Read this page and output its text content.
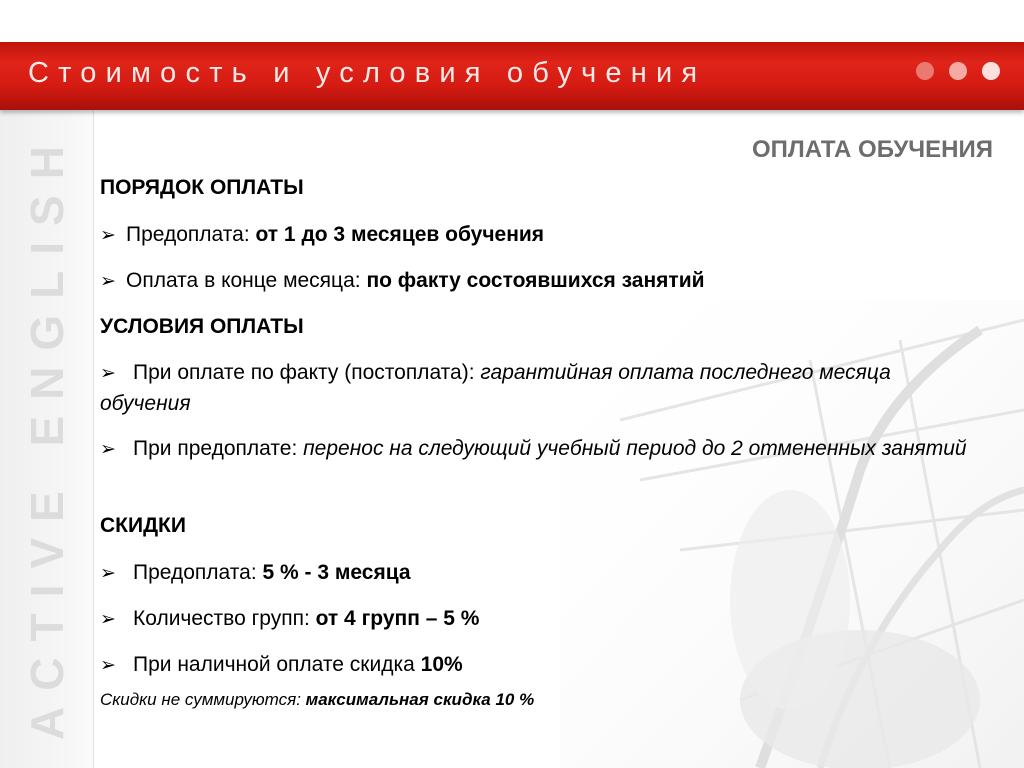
ACTIVE ENGLISH
Стоимость и условия обучения
ОПЛАТА ОБУЧЕНИЯ
ПОРЯДОК ОПЛАТЫ
➢ Предоплата: от 1 до 3 месяцев обучения
➢ Оплата в конце месяца: по факту состоявшихся занятий
УСЛОВИЯ ОПЛАТЫ
➢ При оплате по факту (постоплата): гарантийная оплата последнего месяца обучения
➢ При предоплате: перенос на следующий учебный период до 2 отмененных занятий
СКИДКИ
➢ Предоплата: 5 % - 3 месяца
➢ Количество групп: от 4 групп – 5 %
➢ При наличной оплате скидка 10%
Скидки не суммируются: максимальная скидка 10 %
